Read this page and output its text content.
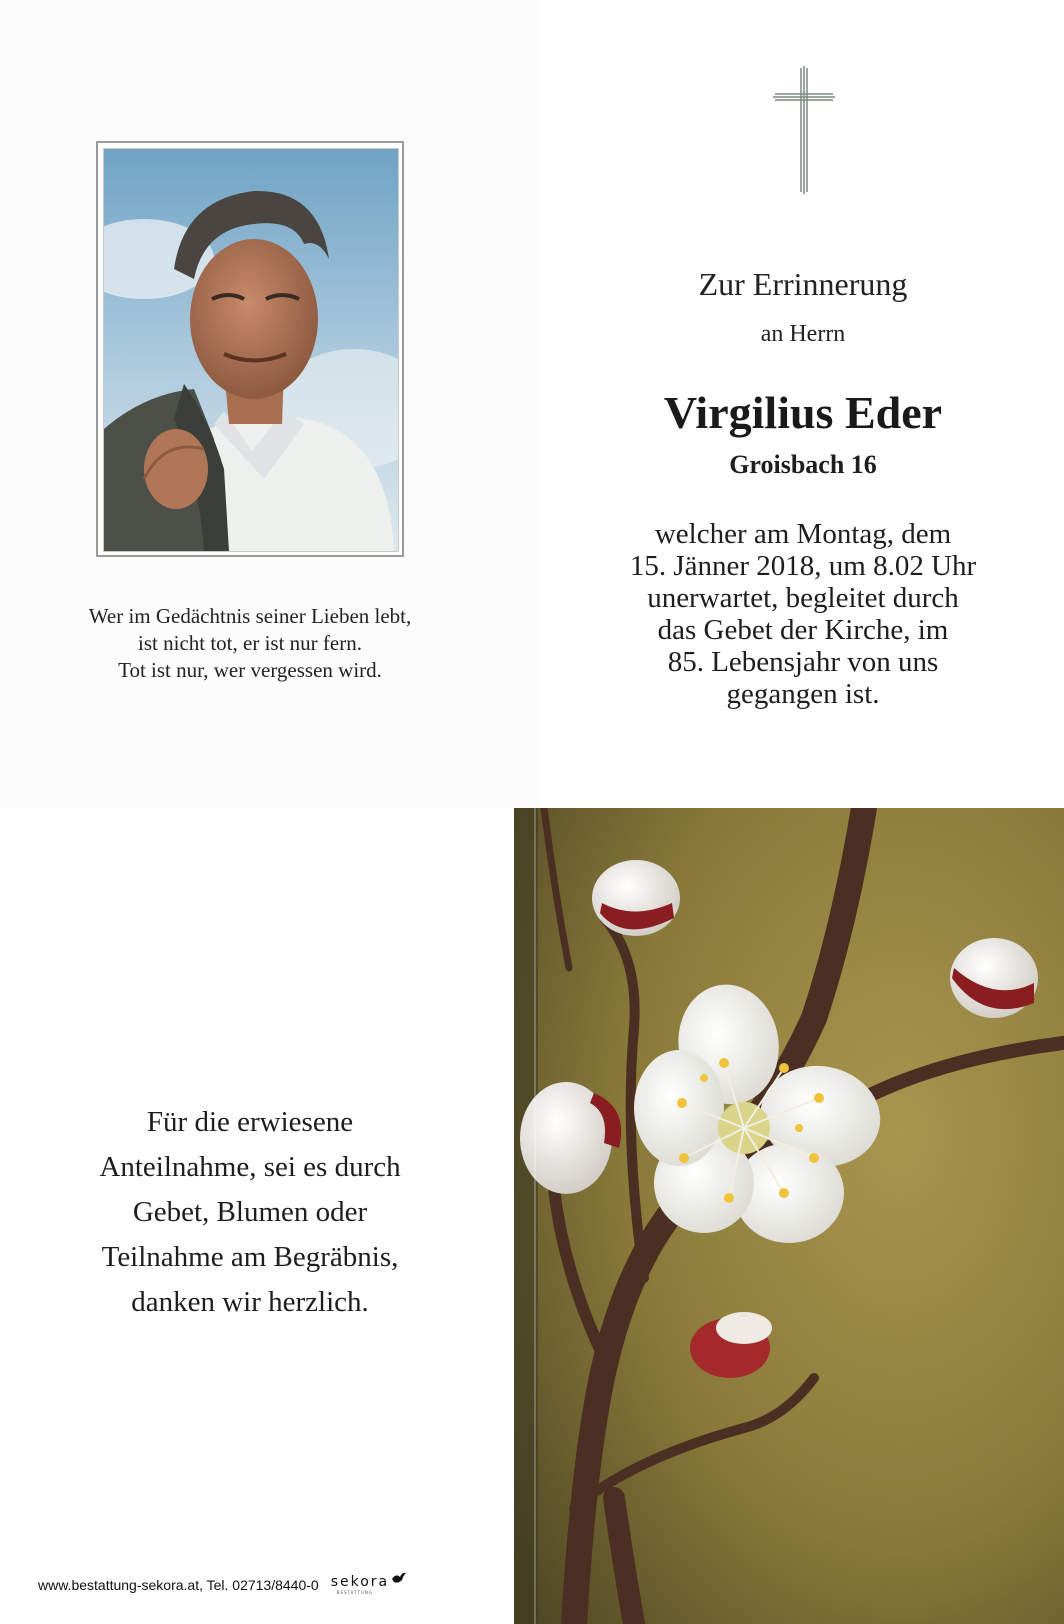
Wer im Gedächtnis seiner Lieben lebt,
ist nicht tot, er ist nur fern.
Tot ist nur, wer vergessen wird.
Zur Errinnerung
an Herrn
Virgilius Eder
Groisbach 16
welcher am Montag, dem
15. Jänner 2018, um 8.02 Uhr
unerwartet, begleitet durch
das Gebet der Kirche, im
85. Lebensjahr von uns
gegangen ist.
Für die erwiesene
Anteilnahme, sei es durch
Gebet, Blumen oder
Teilnahme am Begräbnis,
danken wir herzlich.
www.bestattung-sekora.at, Tel. 02713/8440-0 sekora
BESTATTUNG
